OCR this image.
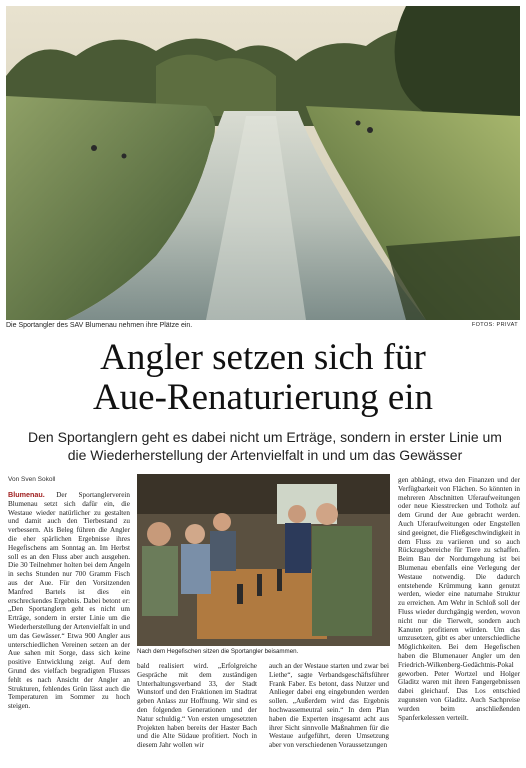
Die Sportangler des SAV Blumenau nehmen ihre Plätze ein.	FOTOS: PRIVAT
Angler setzen sich für
Aue-Renaturierung ein
Den Sportanglern geht es dabei nicht um Erträge, sondern in erster Linie um die Wiederherstellung der Artenvielfalt in und um das Gewässer
Von Sven Sokoll

Blumenau. Der Sportanglerverein Blumenau setzt sich dafür ein, die Westaue wieder natürlicher zu gestalten und damit auch den Tierbestand zu verbessern. Als Beleg führen die Angler die eher spärlichen Ergebnisse ihres Hegefischens am Sonntag an. Im Herbst soll es an den Fluss aber auch ausgehen. Die 30 Teilnehmer holten bei dem Angeln in sechs Stunden nur 700 Gramm Fisch aus der Aue. Für den Vorsitzenden Manfred Bartels ist dies ein erschreckendes Ergebnis. Dabei betont er: „Den Sportanglern geht es nicht um Erträge, sondern in erster Linie um die Wiederherstellung der Artenvielfalt in und um das Gewässer.“ Etwa 900 Angler aus unterschiedlichen Vereinen setzen an der Aue sahen mit Sorge, dass sich keine positive Entwicklung zeigt. Auf dem Grund des vielfach begradigten Flusses fehlt es nach Ansicht der Angler an Strukturen, fehlendes Grün lässt auch die Temperaturen im Sommer zu hoch steigen.

Nach dem Hegefischen sitzen die Sportangler beisammen.

bald realisiert wird. „Erfolgreiche Gespräche mit dem zuständigen Unterhaltungsverband 33, der Stadt Wunstorf und den Fraktionen im Stadtrat geben Anlass zur Hoffnung. Wir sind es den folgenden Generationen und der Natur schuldig.“ Von ersten umgesetzten Projekten haben bereits der Haster Bach und die Alte Südaue profitiert. Noch in diesem Jahr wollen wir

auch an der Westaue starten und zwar bei Liethe“, sagte Verbandsgeschäftsführer Frank Faber. Es betont, dass Nutzer und Anlieger dabei eng eingebunden werden sollen. „Außerdem wird das Ergebnis hochwassemeutral sein.“ In dem Plan haben die Experten insgesamt acht aus ihrer Sicht sinnvolle Maßnahmen für die Westaue aufgeführt, deren Umsetzung aber von verschiedenen Voraussetzungen

gen abhängt, etwa den Finanzen und der Verfügbarkeit von Flächen. So könnten in mehreren Abschnitten Uferaufweitungen oder neue Kiesstrecken und Totholz auf dem Grund der Aue gebracht werden. Auch Uferaufweitungen oder Engstellen sind geeignet, die Fließgeschwindigkeit in dem Fluss zu variieren und so auch Rückzugsbereiche für Tiere zu schaffen. Beim Bau der Nordumgehung ist bei Blumenau ebenfalls eine Verlegung der Westaue notwendig. Die dadurch entstehende Krümmung kann genutzt werden, wieder eine naturnahe Struktur zu erreichen. Am Wehr in Schloß soll der Fluss wieder durchgängig werden, wovon nicht nur die Tierwelt, sondern auch Kanuten profitieren würden. Um das umzusetzen, gibt es aber unterschiedliche Möglichkeiten. Bei dem Hegefischen haben die Blumenauer Angler um den Friedrich-Wilkenberg-Gedächtnis-Pokal geworben. Peter Wortzel und Holger Gladitz waren mit ihren Fangergebnissen dabei gleichauf. Das Los entschied zugunsten von Gladitz. Auch Sachpreise wurden beim anschließenden Spanferkelessen verteilt.
